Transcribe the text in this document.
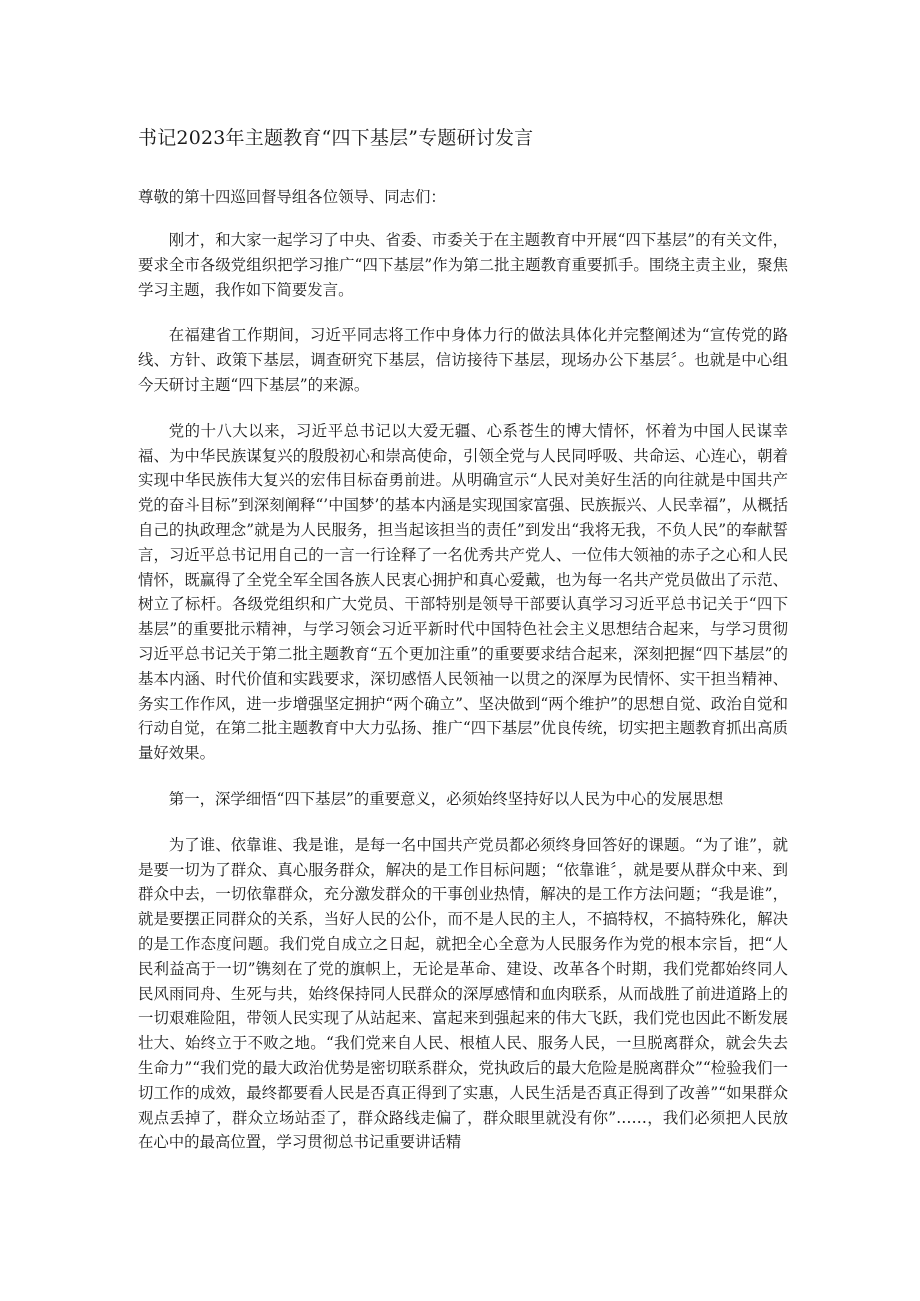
书记2023年主题教育“四下基层”专题研讨发言

尊敬的第十四巡回督导组各位领导、同志们：

刚才，和大家一起学习了中央、省委、市委关于在主题教育中开展“四下基层”的有关文件，要求全市各级党组织把学习推广“四下基层”作为第二批主题教育重要抓手。围绕主责主业，聚焦学习主题，我作如下简要发言。

在福建省工作期间，习近平同志将工作中身体力行的做法具体化并完整阐述为“宣传党的路线、方针、政策下基层，调查研究下基层，信访接待下基层，现场办公下基层〞。也就是中心组今天研讨主题“四下基层”的来源。

党的十八大以来，习近平总书记以大爱无疆、心系苍生的博大情怀，怀着为中国人民谋幸福、为中华民族谋复兴的殷殷初心和崇高使命，引领全党与人民同呼吸、共命运、心连心，朝着实现中华民族伟大复兴的宏伟目标奋勇前进。从明确宣示“人民对美好生活的向往就是中国共产党的奋斗目标”到深刻阐释“’中国梦’的基本内涵是实现国家富强、民族振兴、人民幸福”，从概括自己的执政理念”就是为人民服务，担当起该担当的责任”到发出“我将无我，不负人民”的奉献誓言，习近平总书记用自己的一言一行诠释了一名优秀共产党人、一位伟大领袖的赤子之心和人民情怀，既赢得了全党全军全国各族人民衷心拥护和真心爱戴，也为每一名共产党员做出了示范、树立了标杆。各级党组织和广大党员、干部特别是领导干部要认真学习习近平总书记关于“四下基层”的重要批示精神，与学习领会习近平新时代中国特色社会主义思想结合起来，与学习贯彻习近平总书记关于第二批主题教育“五个更加注重”的重要要求结合起来，深刻把握“四下基层”的基本内涵、时代价值和实践要求，深切感悟人民领袖一以贯之的深厚为民情怀、实干担当精神、务实工作作风，进一步增强坚定拥护“两个确立”、坚决做到“两个维护”的思想自觉、政治自觉和行动自觉，在第二批主题教育中大力弘扬、推广“四下基层”优良传统，切实把主题教育抓出高质量好效果。

第一，深学细悟“四下基层”的重要意义，必须始终坚持好以人民为中心的发展思想

为了谁、依靠谁、我是谁，是每一名中国共产党员都必须终身回答好的课题。“为了谁”，就是要一切为了群众、真心服务群众，解决的是工作目标问题；“依靠谁〞，就是要从群众中来、到群众中去，一切依靠群众，充分激发群众的干事创业热情，解决的是工作方法问题；“我是谁”，就是要摆正同群众的关系，当好人民的公仆，而不是人民的主人，不搞特权，不搞特殊化，解决的是工作态度问题。我们党自成立之日起，就把全心全意为人民服务作为党的根本宗旨，把“人民利益高于一切”镌刻在了党的旗帜上，无论是革命、建设、改革各个时期，我们党都始终同人民风雨同舟、生死与共，始终保持同人民群众的深厚感情和血肉联系，从而战胜了前进道路上的一切艰难险阻，带领人民实现了从站起来、富起来到强起来的伟大飞跃，我们党也因此不断发展壮大、始终立于不败之地。“我们党来自人民、根植人民、服务人民，一旦脱离群众，就会失去生命力”“我们党的最大政治优势是密切联系群众，党执政后的最大危险是脱离群众”“检验我们一切工作的成效，最终都要看人民是否真正得到了实惠，人民生活是否真正得到了改善”“如果群众观点丢掉了，群众立场站歪了，群众路线走偏了，群众眼里就没有你”……，我们必须把人民放在心中的最高位置，学习贯彻总书记重要讲话精
